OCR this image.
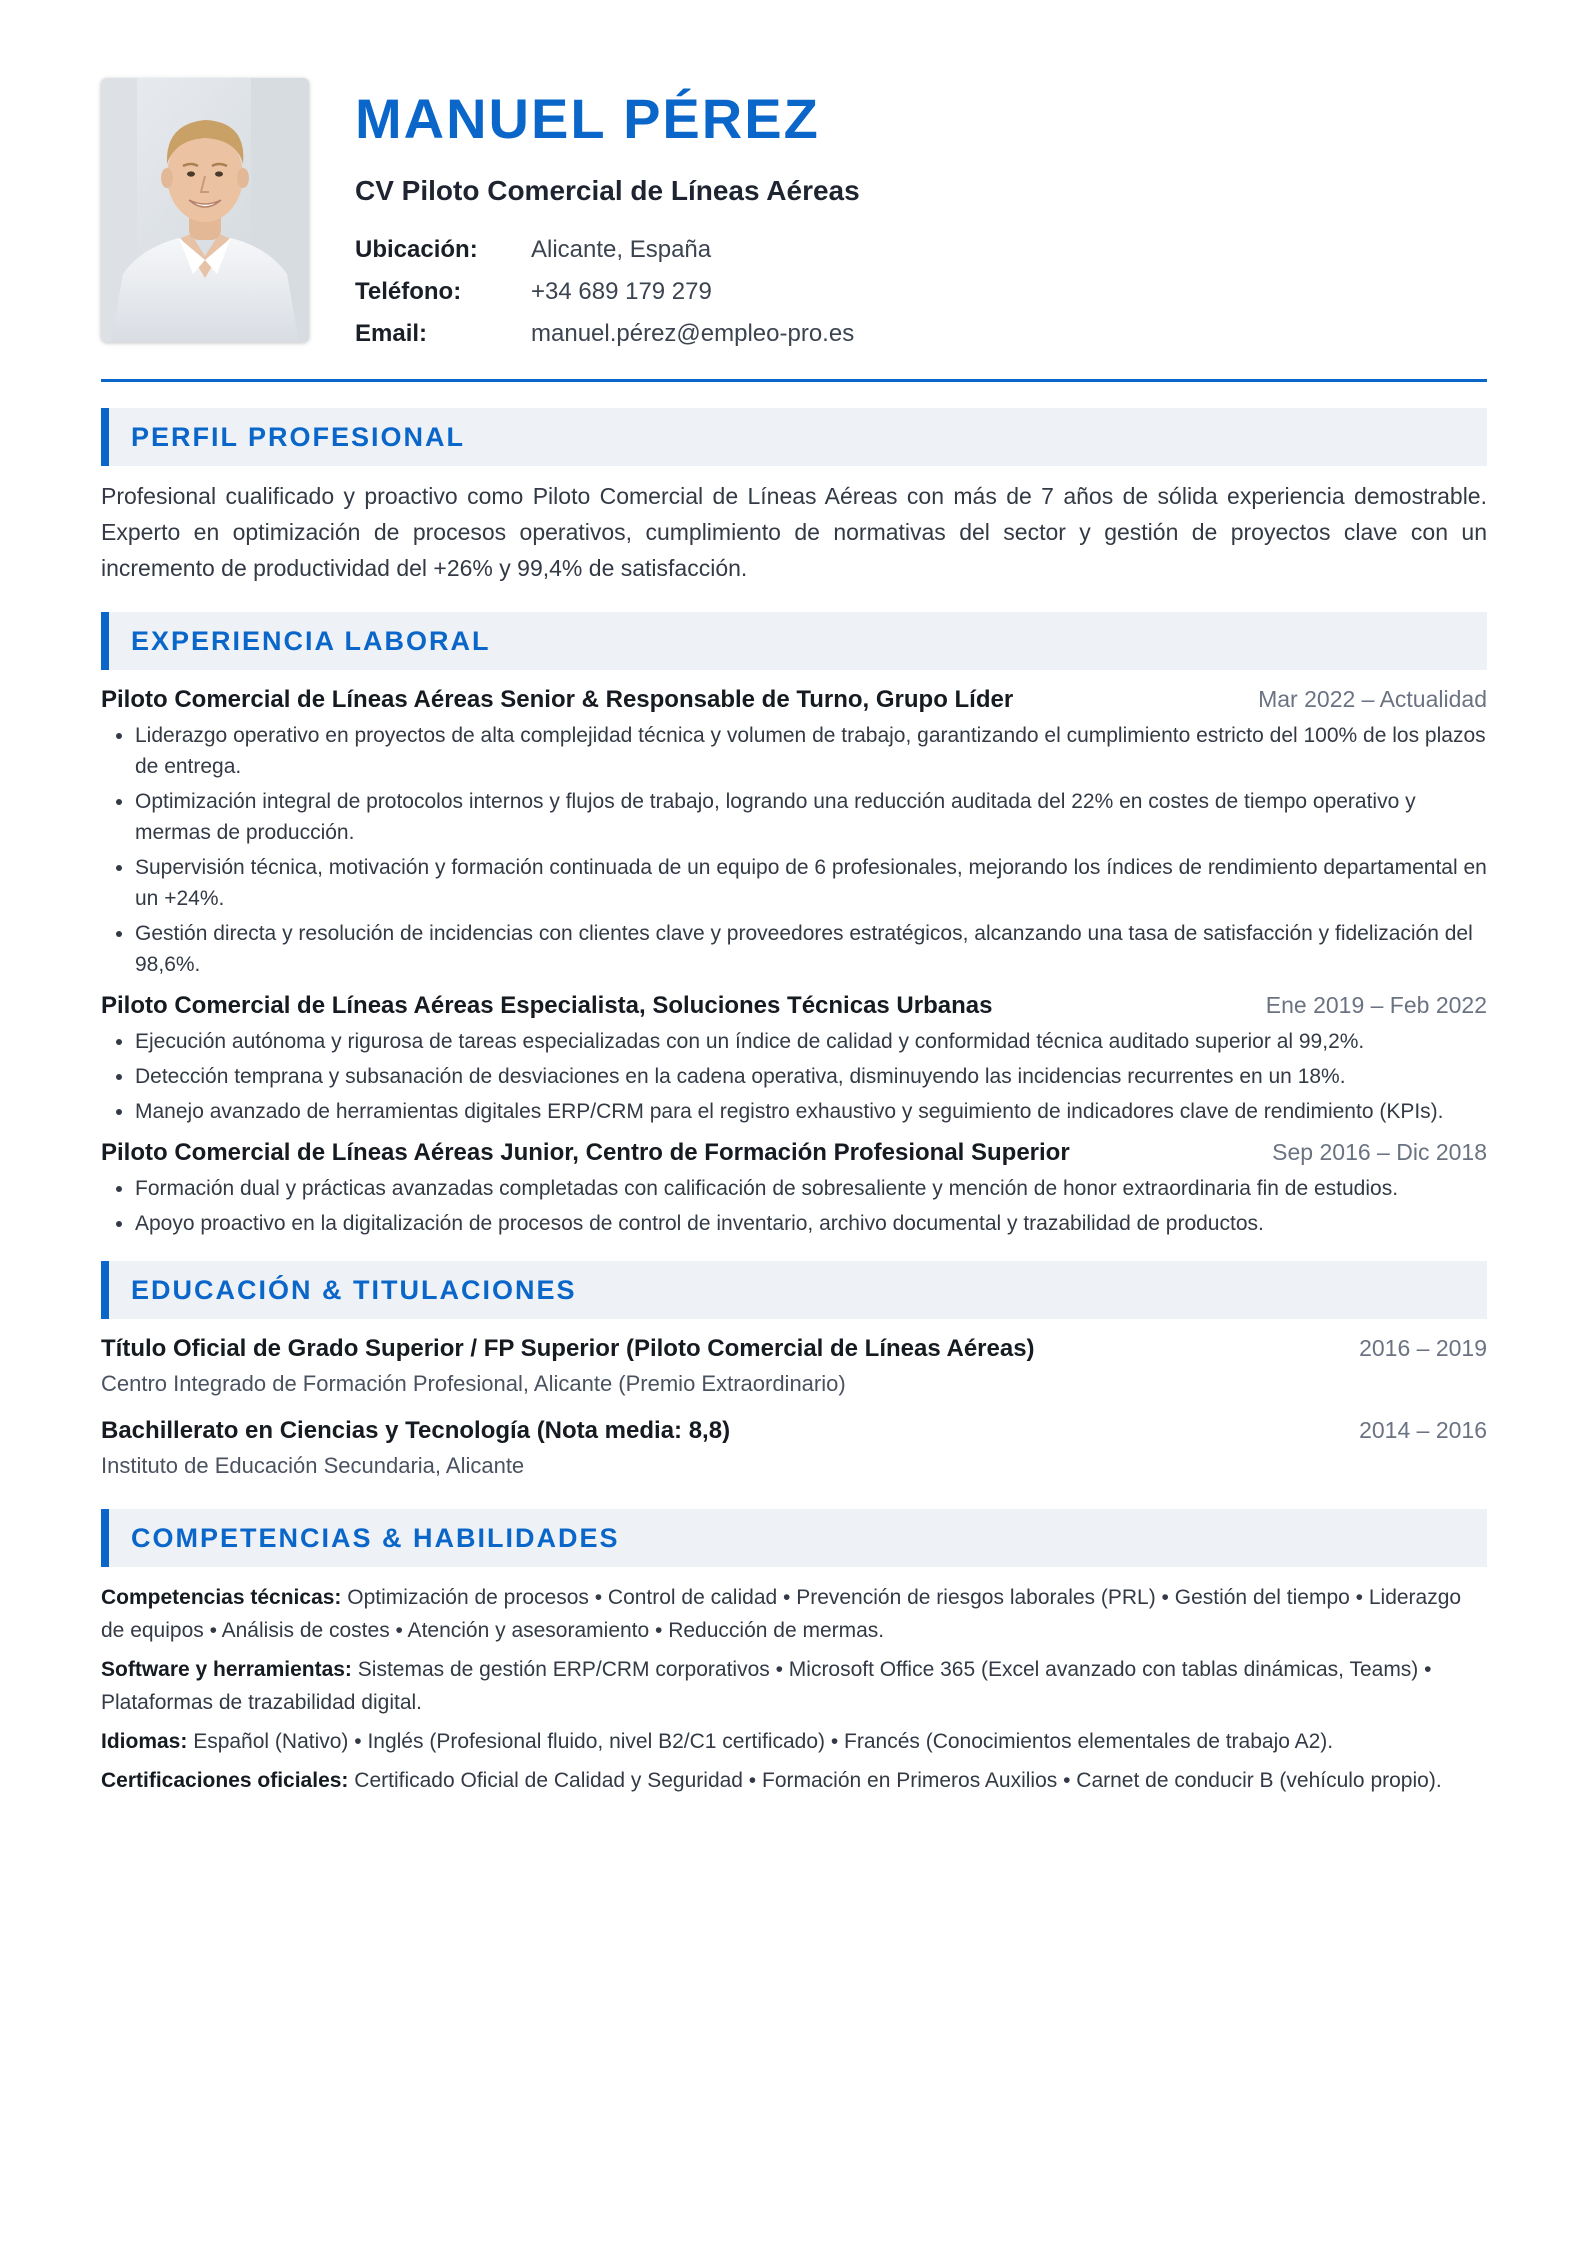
MANUEL PÉREZ
CV Piloto Comercial de Líneas Aéreas
Ubicación:	Alicante, España
Teléfono:	+34 689 179 279
Email:	manuel.pérez@empleo-pro.es
PERFIL PROFESIONAL
Profesional cualificado y proactivo como Piloto Comercial de Líneas Aéreas con más de 7 años de sólida experiencia demostrable. Experto en optimización de procesos operativos, cumplimiento de normativas del sector y gestión de proyectos clave con un incremento de productividad del +26% y 99,4% de satisfacción.
EXPERIENCIA LABORAL
Piloto Comercial de Líneas Aéreas Senior & Responsable de Turno, Grupo Líder	Mar 2022 – Actualidad
• Liderazgo operativo en proyectos de alta complejidad técnica y volumen de trabajo, garantizando el cumplimiento estricto del 100% de los plazos de entrega.
• Optimización integral de protocolos internos y flujos de trabajo, logrando una reducción auditada del 22% en costes de tiempo operativo y mermas de producción.
• Supervisión técnica, motivación y formación continuada de un equipo de 6 profesionales, mejorando los índices de rendimiento departamental en un +24%.
• Gestión directa y resolución de incidencias con clientes clave y proveedores estratégicos, alcanzando una tasa de satisfacción y fidelización del 98,6%.
Piloto Comercial de Líneas Aéreas Especialista, Soluciones Técnicas Urbanas	Ene 2019 – Feb 2022
• Ejecución autónoma y rigurosa de tareas especializadas con un índice de calidad y conformidad técnica auditado superior al 99,2%.
• Detección temprana y subsanación de desviaciones en la cadena operativa, disminuyendo las incidencias recurrentes en un 18%.
• Manejo avanzado de herramientas digitales ERP/CRM para el registro exhaustivo y seguimiento de indicadores clave de rendimiento (KPIs).
Piloto Comercial de Líneas Aéreas Junior, Centro de Formación Profesional Superior	Sep 2016 – Dic 2018
• Formación dual y prácticas avanzadas completadas con calificación de sobresaliente y mención de honor extraordinaria fin de estudios.
• Apoyo proactivo en la digitalización de procesos de control de inventario, archivo documental y trazabilidad de productos.
EDUCACIÓN & TITULACIONES
Título Oficial de Grado Superior / FP Superior (Piloto Comercial de Líneas Aéreas)	2016 – 2019
Centro Integrado de Formación Profesional, Alicante (Premio Extraordinario)
Bachillerato en Ciencias y Tecnología (Nota media: 8,8)	2014 – 2016
Instituto de Educación Secundaria, Alicante
COMPETENCIAS & HABILIDADES
Competencias técnicas: Optimización de procesos • Control de calidad • Prevención de riesgos laborales (PRL) • Gestión del tiempo • Liderazgo de equipos • Análisis de costes • Atención y asesoramiento • Reducción de mermas.
Software y herramientas: Sistemas de gestión ERP/CRM corporativos • Microsoft Office 365 (Excel avanzado con tablas dinámicas, Teams) • Plataformas de trazabilidad digital.
Idiomas: Español (Nativo) • Inglés (Profesional fluido, nivel B2/C1 certificado) • Francés (Conocimientos elementales de trabajo A2).
Certificaciones oficiales: Certificado Oficial de Calidad y Seguridad • Formación en Primeros Auxilios • Carnet de conducir B (vehículo propio).
